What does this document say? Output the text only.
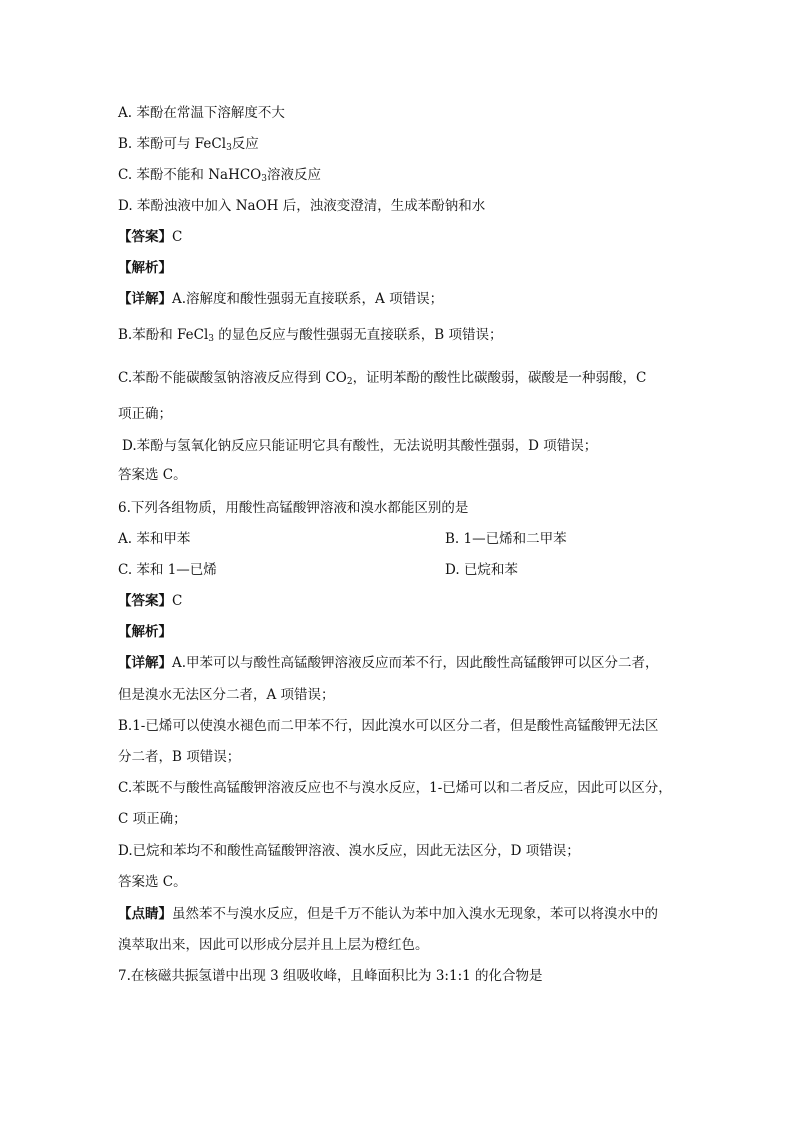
A. 苯酚在常温下溶解度不大
B. 苯酚可与 FeCl$_3$反应
C. 苯酚不能和 NaHCO$_3$溶液反应
D. 苯酚浊液中加入 NaOH 后，浊液变澄清，生成苯酚钠和水
【答案】C
【解析】
【详解】A.溶解度和酸性强弱无直接联系，A 项错误；
B.苯酚和 FeCl$_3$ 的显色反应与酸性强弱无直接联系，B 项错误；
C.苯酚不能碳酸氢钠溶液反应得到 $CO_2$，证明苯酚的酸性比碳酸弱，碳酸是一种弱酸，C
项正确；
D.苯酚与氢氧化钠反应只能证明它具有酸性，无法说明其酸性强弱，D 项错误；
答案选 C。
6.下列各组物质，用酸性高锰酸钾溶液和溴水都能区别的是
A. 苯和甲苯	B. 1—已烯和二甲苯
C. 苯和 1—已烯	D. 已烷和苯
【答案】C
【解析】
【详解】A.甲苯可以与酸性高锰酸钾溶液反应而苯不行，因此酸性高锰酸钾可以区分二者，
但是溴水无法区分二者，A 项错误；
B.1-已烯可以使溴水褪色而二甲苯不行，因此溴水可以区分二者，但是酸性高锰酸钾无法区
分二者，B 项错误；
C.苯既不与酸性高锰酸钾溶液反应也不与溴水反应，1-已烯可以和二者反应，因此可以区分，
C 项正确；
D.已烷和苯均不和酸性高锰酸钾溶液、溴水反应，因此无法区分，D 项错误；
答案选 C。
【点睛】虽然苯不与溴水反应，但是千万不能认为苯中加入溴水无现象，苯可以将溴水中的
溴萃取出来，因此可以形成分层并且上层为橙红色。
7.在核磁共振氢谱中出现 3 组吸收峰，且峰面积比为 3:1:1 的化合物是
